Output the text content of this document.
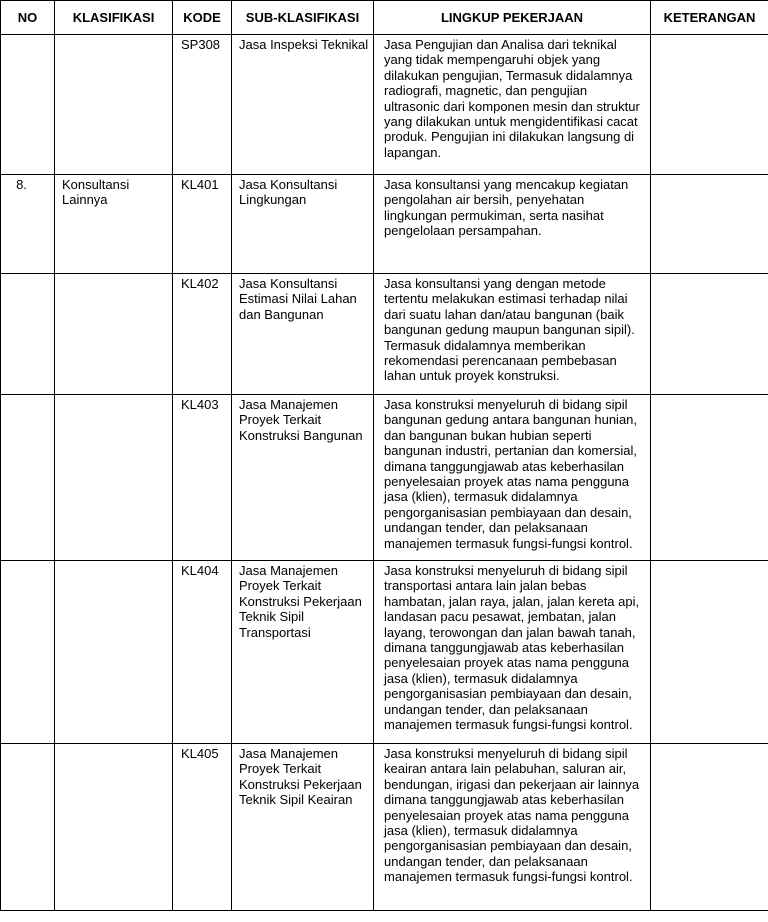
NO	KLASIFIKASI	KODE	SUB-KLASIFIKASI	LINGKUP PEKERJAAN	KETERANGAN
		SP308	Jasa Inspeksi Teknikal	Jasa Pengujian dan Analisa dari teknikal yang tidak mempengaruhi objek yang dilakukan pengujian, Termasuk didalamnya radiografi, magnetic, dan pengujian ultrasonic dari komponen mesin dan struktur yang dilakukan untuk mengidentifikasi cacat produk. Pengujian ini dilakukan langsung di lapangan.	
8.	Konsultansi Lainnya	KL401	Jasa Konsultansi Lingkungan	Jasa konsultansi yang mencakup kegiatan pengolahan air bersih, penyehatan lingkungan permukiman, serta nasihat pengelolaan persampahan.	
		KL402	Jasa Konsultansi Estimasi Nilai Lahan dan Bangunan	Jasa konsultansi yang dengan metode tertentu melakukan estimasi terhadap nilai dari suatu lahan dan/atau bangunan (baik bangunan gedung maupun bangunan sipil). Termasuk didalamnya memberikan rekomendasi perencanaan pembebasan lahan untuk proyek konstruksi.	
		KL403	Jasa Manajemen Proyek Terkait Konstruksi Bangunan	Jasa konstruksi menyeluruh di bidang sipil bangunan gedung antara bangunan hunian, dan bangunan bukan hubian seperti bangunan industri, pertanian dan komersial, dimana tanggungjawab atas keberhasilan penyelesaian proyek atas nama pengguna jasa (klien), termasuk didalamnya pengorganisasian pembiayaan dan desain, undangan tender, dan pelaksanaan manajemen termasuk fungsi-fungsi kontrol.	
		KL404	Jasa Manajemen Proyek Terkait Konstruksi Pekerjaan Teknik Sipil Transportasi	Jasa konstruksi menyeluruh di bidang sipil transportasi antara lain jalan bebas hambatan, jalan raya, jalan, jalan kereta api, landasan pacu pesawat, jembatan, jalan layang, terowongan dan jalan bawah tanah, dimana tanggungjawab atas keberhasilan penyelesaian proyek atas nama pengguna jasa (klien), termasuk didalamnya pengorganisasian pembiayaan dan desain, undangan tender, dan pelaksanaan manajemen termasuk fungsi-fungsi kontrol.	
		KL405	Jasa Manajemen Proyek Terkait Konstruksi Pekerjaan Teknik Sipil Keairan	Jasa konstruksi menyeluruh di bidang sipil keairan antara lain pelabuhan, saluran air, bendungan, irigasi dan pekerjaan air lainnya dimana tanggungjawab atas keberhasilan penyelesaian proyek atas nama pengguna jasa (klien), termasuk didalamnya pengorganisasian pembiayaan dan desain, undangan tender, dan pelaksanaan manajemen termasuk fungsi-fungsi kontrol.	
